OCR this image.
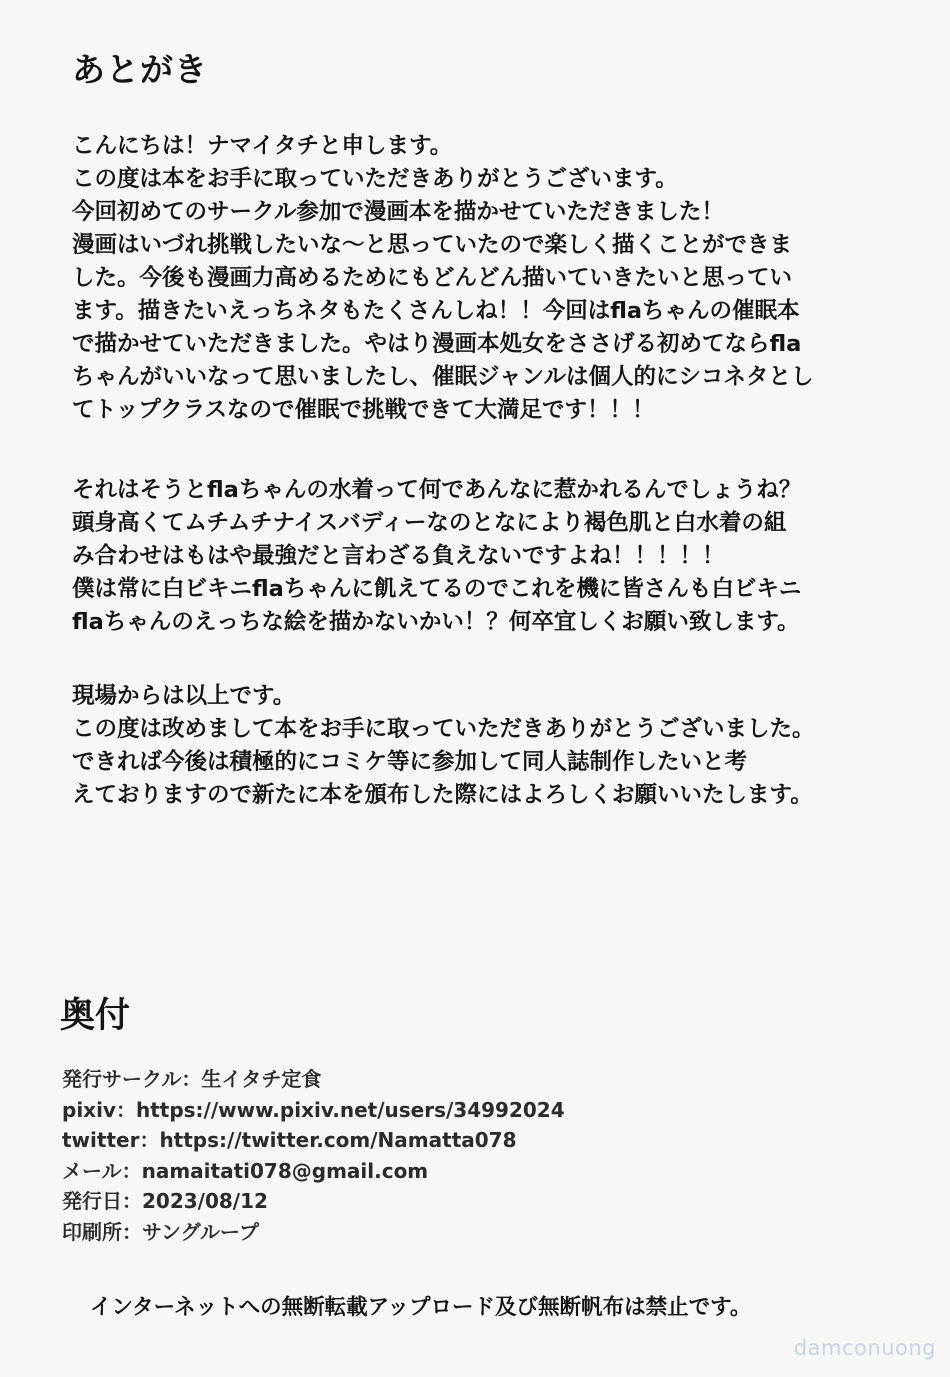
あとがき
こんにちは！ナマイタチと申します。
この度は本をお手に取っていただきありがとうございます。
今回初めてのサークル参加で漫画本を描かせていただきました！
漫画はいづれ挑戦したいな〜と思っていたので楽しく描くことができま
した。今後も漫画力高めるためにもどんどん描いていきたいと思ってい
ます。描きたいえっちネタもたくさんしね！！今回はflaちゃんの催眠本
で描かせていただきました。やはり漫画本処女をささげる初めてならfla
ちゃんがいいなって思いましたし、催眠ジャンルは個人的にシコネタとし
てトップクラスなので催眠で挑戦できて大満足です！！！
それはそうとflaちゃんの水着って何であんなに惹かれるんでしょうね？
頭身高くてムチムチナイスバディーなのとなにより褐色肌と白水着の組
み合わせはもはや最強だと言わざる負えないですよね！！！！！
僕は常に白ビキニflaちゃんに飢えてるのでこれを機に皆さんも白ビキニ
flaちゃんのえっちな絵を描かないかい！？何卒宜しくお願い致します。
現場からは以上です。
この度は改めまして本をお手に取っていただきありがとうございました。
できれば今後は積極的にコミケ等に参加して同人誌制作したいと考
えておりますので新たに本を頒布した際にはよろしくお願いいたします。
奥付
発行サークル：生イタチ定食
pixiv：https://www.pixiv.net/users/34992024
twitter：https://twitter.com/Namatta078
メール：namaitati078@gmail.com
発行日：2023/08/12
印刷所：サングループ
インターネットへの無断転載アップロード及び無断帆布は禁止です。
damconuong
